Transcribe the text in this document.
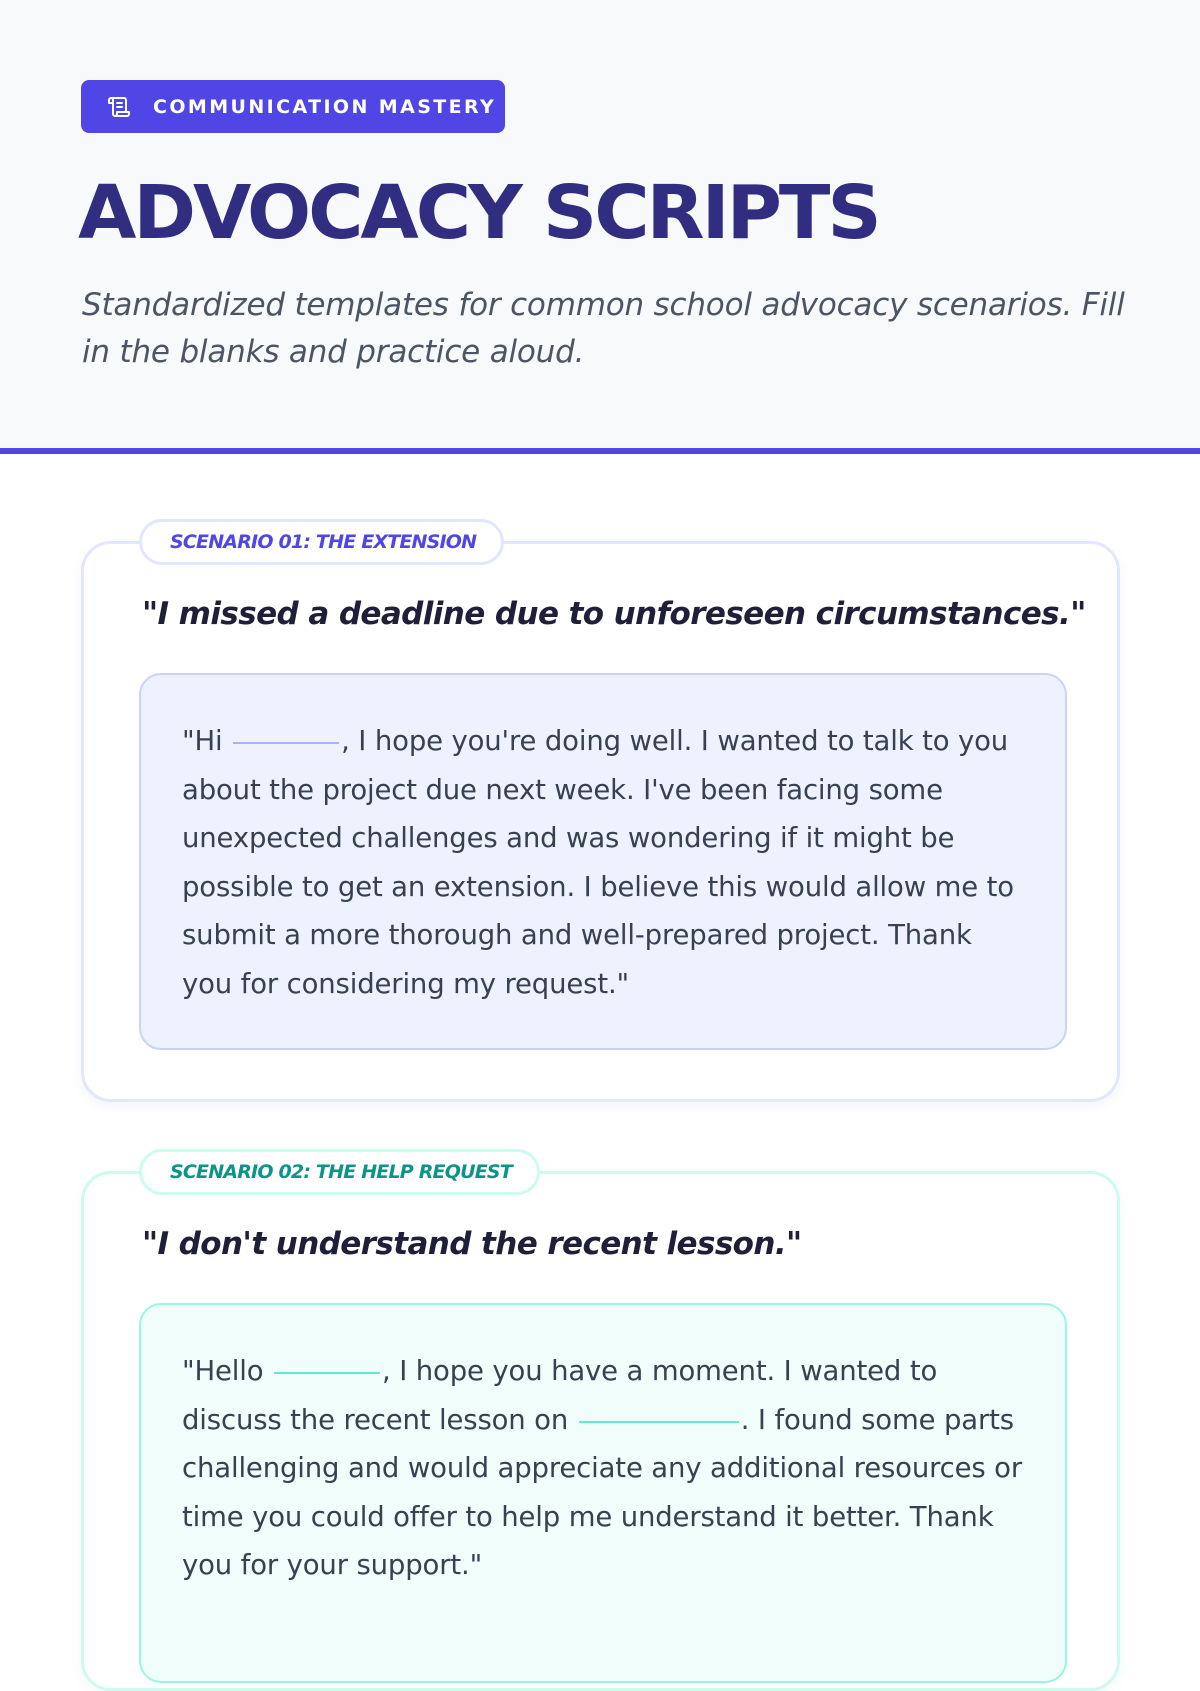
COMMUNICATION MASTERY
ADVOCACY SCRIPTS

Standardized templates for common school advocacy scenarios. Fill in the blanks and practice aloud.

SCENARIO 01: THE EXTENSION
"I missed a deadline due to unforeseen circumstances."
"Hi	, I hope you're doing well. I wanted to talk to you about the project due next week. I've been facing some unexpected challenges and was wondering if it might be possible to get an extension. I believe this would allow me to submit a more thorough and well-prepared project. Thank you for considering my request."
SCENARIO 02: THE HELP REQUEST
"I don't understand the recent lesson."
"Hello	, I hope you have a moment. I wanted to discuss the recent lesson on	. I found some parts challenging and would appreciate any additional resources or time you could offer to help me understand it better. Thank you for your support."
